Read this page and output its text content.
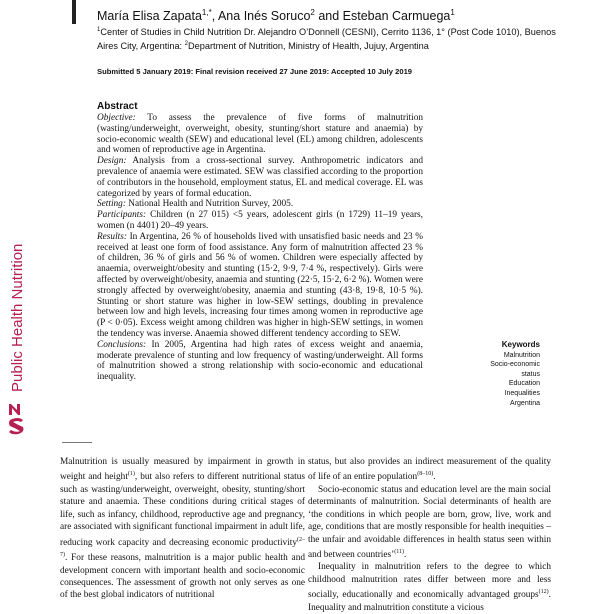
María Elisa Zapata$^{1,*}$, Ana Inés Soruco$^2$ and Esteban Carmuega$^1$
$^1$Center of Studies in Child Nutrition Dr. Alejandro O’Donnell (CESNI), Cerrito 1136, 1° (Post Code 1010), Buenos Aires City, Argentina: $^2$Department of Nutrition, Ministry of Health, Jujuy, Argentina
Submitted 5 January 2019: Final revision received 27 June 2019: Accepted 10 July 2019
Public Health Nutrition
Abstract

Objective: To assess the prevalence of five forms of malnutrition (wasting/underweight, overweight, obesity, stunting/short stature and anaemia) by socio-economic wealth (SEW) and educational level (EL) among children, adolescents and women of reproductive age in Argentina.

Design: Analysis from a cross-sectional survey. Anthropometric indicators and prevalence of anaemia were estimated. SEW was classified according to the proportion of contributors in the household, employment status, EL and medical coverage. EL was categorized by years of formal education.

Setting: National Health and Nutrition Survey, 2005.

Participants: Children (n 27 015) <5 years, adolescent girls (n 1729) 11–19 years, women (n 4401) 20–49 years.

Results: In Argentina, 26 % of households lived with unsatisfied basic needs and 23 % received at least one form of food assistance. Any form of malnutrition affected 23 % of children, 36 % of girls and 56 % of women. Children were especially affected by anaemia, overweight/obesity and stunting (15·2, 9·9, 7·4 %, respectively). Girls were affected by overweight/obesity, anaemia and stunting (22·5, 15·2, 6·2 %). Women were strongly affected by overweight/obesity, anaemia and stunting (43·8, 19·8, 10·5 %). Stunting or short stature was higher in low-SEW settings, doubling in prevalence between low and high levels, increasing four times among women in reproductive age (P < 0·05). Excess weight among children was higher in high-SEW settings, in women the tendency was inverse. Anaemia showed different tendency according to SEW.

Conclusions: In 2005, Argentina had high rates of excess weight and anaemia, moderate prevalence of stunting and low frequency of wasting/underweight. All forms of malnutrition showed a strong relationship with socio-economic and educational inequality.

Keywords
Malnutrition
Socio-economic status
Education
Inequalities
Argentina

Malnutrition is usually measured by impairment in growth in weight and height$^{(1)}$, but also refers to different nutritional status such as wasting/underweight, overweight, obesity, stunting/short stature and anaemia. These conditions during critical stages of life, such as infancy, childhood, reproductive age and pregnancy, are associated with significant functional impairment in adult life, reducing work capacity and decreasing economic productivity$^{(2-7)}$. For these reasons, malnutrition is a major public health and development concern with important health and socio-economic consequences. The assessment of growth not only serves as one of the best global indicators of nutritional

status, but also provides an indirect measurement of the quality of life of an entire population$^{(8-10)}$.

Socio-economic status and education level are the main social determinants of malnutrition. Social determinants of health are ‘the conditions in which people are born, grow, live, work and age, conditions that are mostly responsible for health inequities – the unfair and avoidable differences in health status seen within and between countries’$^{(11)}$.

Inequality in malnutrition refers to the degree to which childhood malnutrition rates differ between more and less socially, educationally and economically advantaged groups$^{(12)}$. Inequality and malnutrition constitute a vicious
